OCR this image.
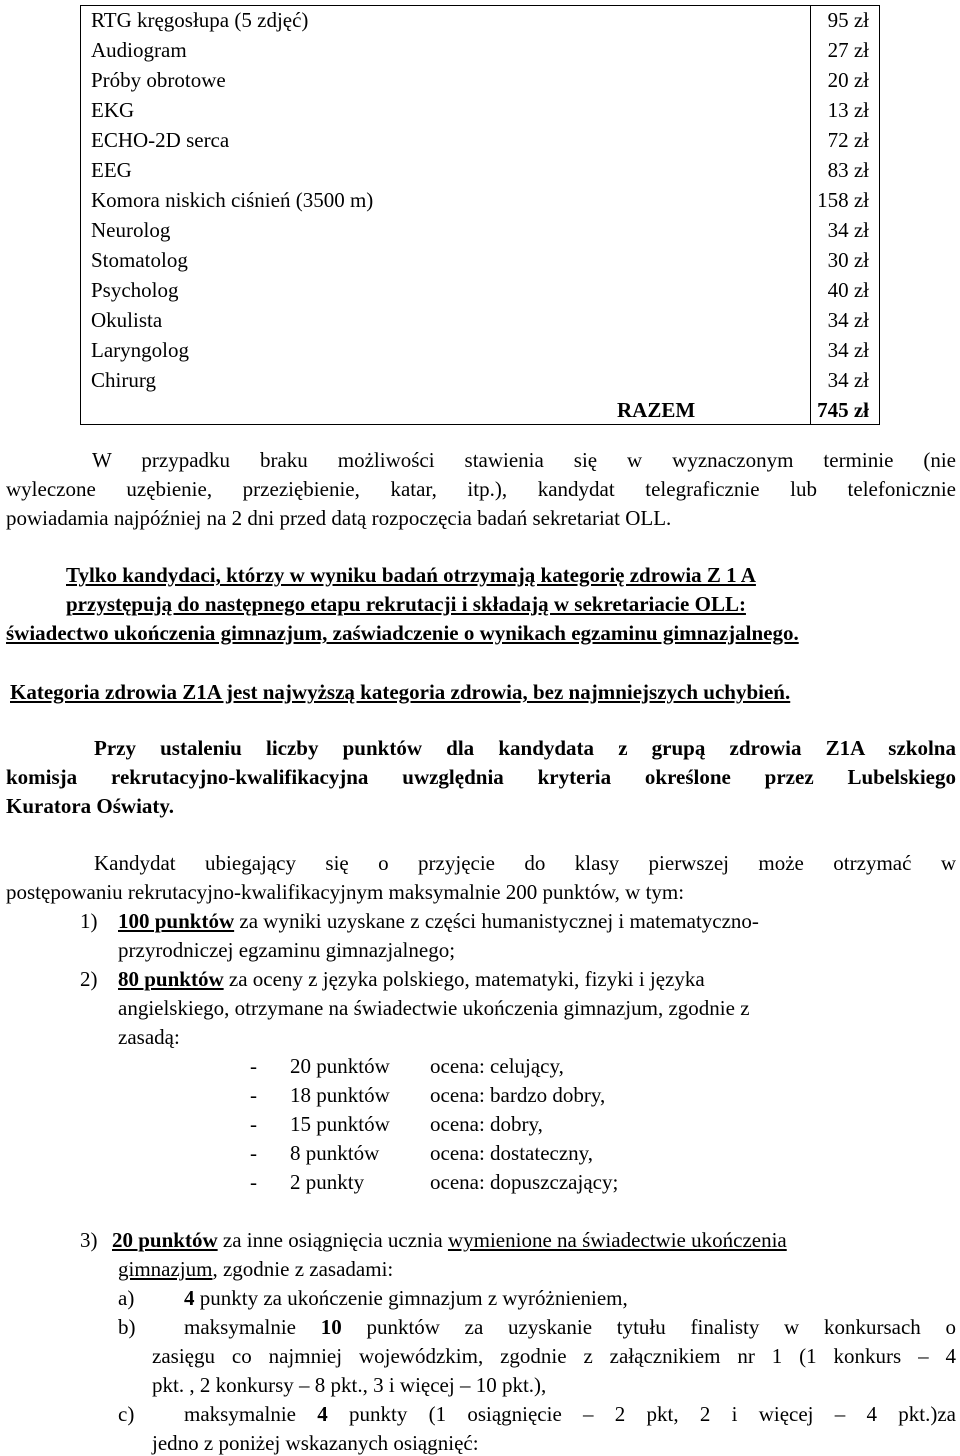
RTG kręgosłupa (5 zdjęć)	95 zł
Audiogram	27 zł
Próby obrotowe	20 zł
EKG	13 zł
ECHO-2D serca	72 zł
EEG	83 zł
Komora niskich ciśnień (3500 m)	158 zł
Neurolog	34 zł
Stomatolog	30 zł
Psycholog	40 zł
Okulista	34 zł
Laryngolog	34 zł
Chirurg	34 zł
RAZEM	745 zł
W przypadku braku możliwości stawienia się w wyznaczonym terminie (nie
wyleczone uzębienie, przeziębienie, katar, itp.), kandydat telegraficznie lub telefonicznie
powiadamia najpóźniej na 2 dni przed datą rozpoczęcia badań sekretariat OLL.
Tylko kandydaci, którzy w wyniku badań otrzymają kategorię zdrowia Z 1 A
przystępują do następnego etapu rekrutacji i składają w sekretariacie OLL:
świadectwo ukończenia gimnazjum, zaświadczenie o wynikach egzaminu gimnazjalnego.
Kategoria zdrowia Z1A jest najwyższą kategoria zdrowia, bez najmniejszych uchybień.
Przy ustaleniu liczby punktów dla kandydata z grupą zdrowia Z1A szkolna
komisja rekrutacyjno-kwalifikacyjna uwzględnia kryteria określone przez Lubelskiego
Kuratora Oświaty.
Kandydat ubiegający się o przyjęcie do klasy pierwszej może otrzymać w
postępowaniu rekrutacyjno-kwalifikacyjnym maksymalnie 200 punktów, w tym:
1) 100 punktów za wyniki uzyskane z części humanistycznej i matematyczno-
przyrodniczej egzaminu gimnazjalnego;
2) 80 punktów za oceny z języka polskiego, matematyki, fizyki i języka
angielskiego, otrzymane na świadectwie ukończenia gimnazjum, zgodnie z
zasadą:
- 20 punktów ocena: celujący,
- 18 punktów ocena: bardzo dobry,
- 15 punktów ocena: dobry,
- 8 punktów ocena: dostateczny,
- 2 punkty	ocena: dopuszczający;
3) 20 punktów za inne osiągnięcia ucznia wymienione na świadectwie ukończenia
gimnazjum, zgodnie z zasadami:
a) 4 punkty za ukończenie gimnazjum z wyróżnieniem,
b) maksymalnie 10 punktów za uzyskanie tytułu finalisty w konkursach o
zasięgu co najmniej wojewódzkim, zgodnie z załącznikiem nr 1 (1 konkurs – 4
pkt. , 2 konkursy – 8 pkt., 3 i więcej – 10 pkt.),
c) maksymalnie 4 punkty (1 osiągnięcie – 2 pkt, 2 i więcej – 4 pkt.)za
jedno z poniżej wskazanych osiągnięć:
